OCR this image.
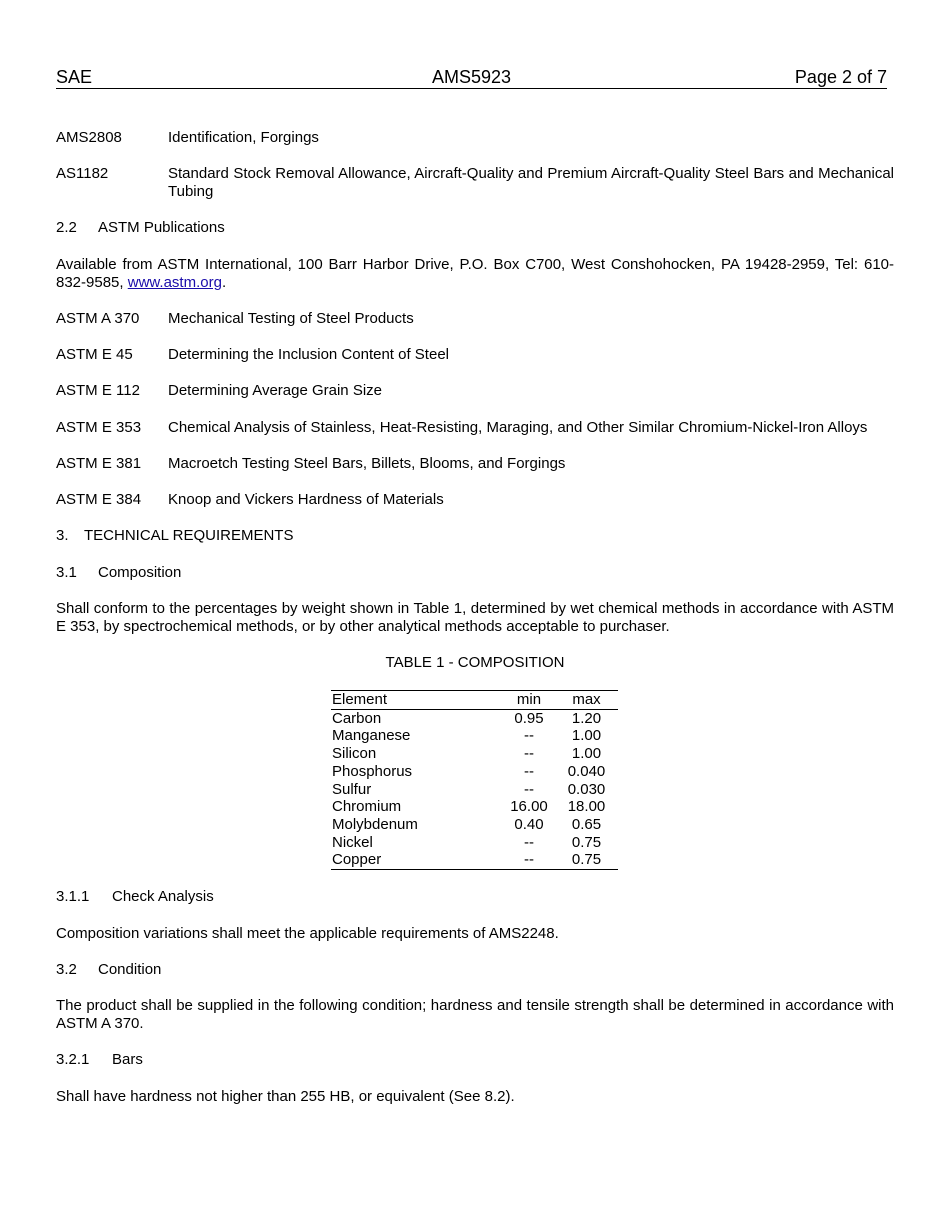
SAE	AMS5923	Page 2 of 7
AMS2808	Identification, Forgings
AS1182	Standard Stock Removal Allowance, Aircraft-Quality and Premium Aircraft-Quality Steel Bars and Mechanical Tubing
2.2 ASTM Publications
Available from ASTM International, 100 Barr Harbor Drive, P.O. Box C700, West Conshohocken, PA 19428-2959, Tel: 610-832-9585, www.astm.org.
ASTM A 370 Mechanical Testing of Steel Products
ASTM E 45 Determining the Inclusion Content of Steel
ASTM E 112 Determining Average Grain Size
ASTM E 353 Chemical Analysis of Stainless, Heat-Resisting, Maraging, and Other Similar Chromium-Nickel-Iron Alloys
ASTM E 381 Macroetch Testing Steel Bars, Billets, Blooms, and Forgings
ASTM E 384 Knoop and Vickers Hardness of Materials
3. TECHNICAL REQUIREMENTS
3.1 Composition
Shall conform to the percentages by weight shown in Table 1, determined by wet chemical methods in accordance with ASTM E 353, by spectrochemical methods, or by other analytical methods acceptable to purchaser.
TABLE 1 - COMPOSITION
Element	min	max
Carbon	0.95	1.20
Manganese	--	1.00
Silicon	--	1.00
Phosphorus	--	0.040
Sulfur	--	0.030
Chromium	16.00	18.00
Molybdenum	0.40	0.65
Nickel	--	0.75
Copper	--	0.75
3.1.1 Check Analysis
Composition variations shall meet the applicable requirements of AMS2248.
3.2 Condition
The product shall be supplied in the following condition; hardness and tensile strength shall be determined in accordance with ASTM A 370.
3.2.1 Bars
Shall have hardness not higher than 255 HB, or equivalent (See 8.2).
